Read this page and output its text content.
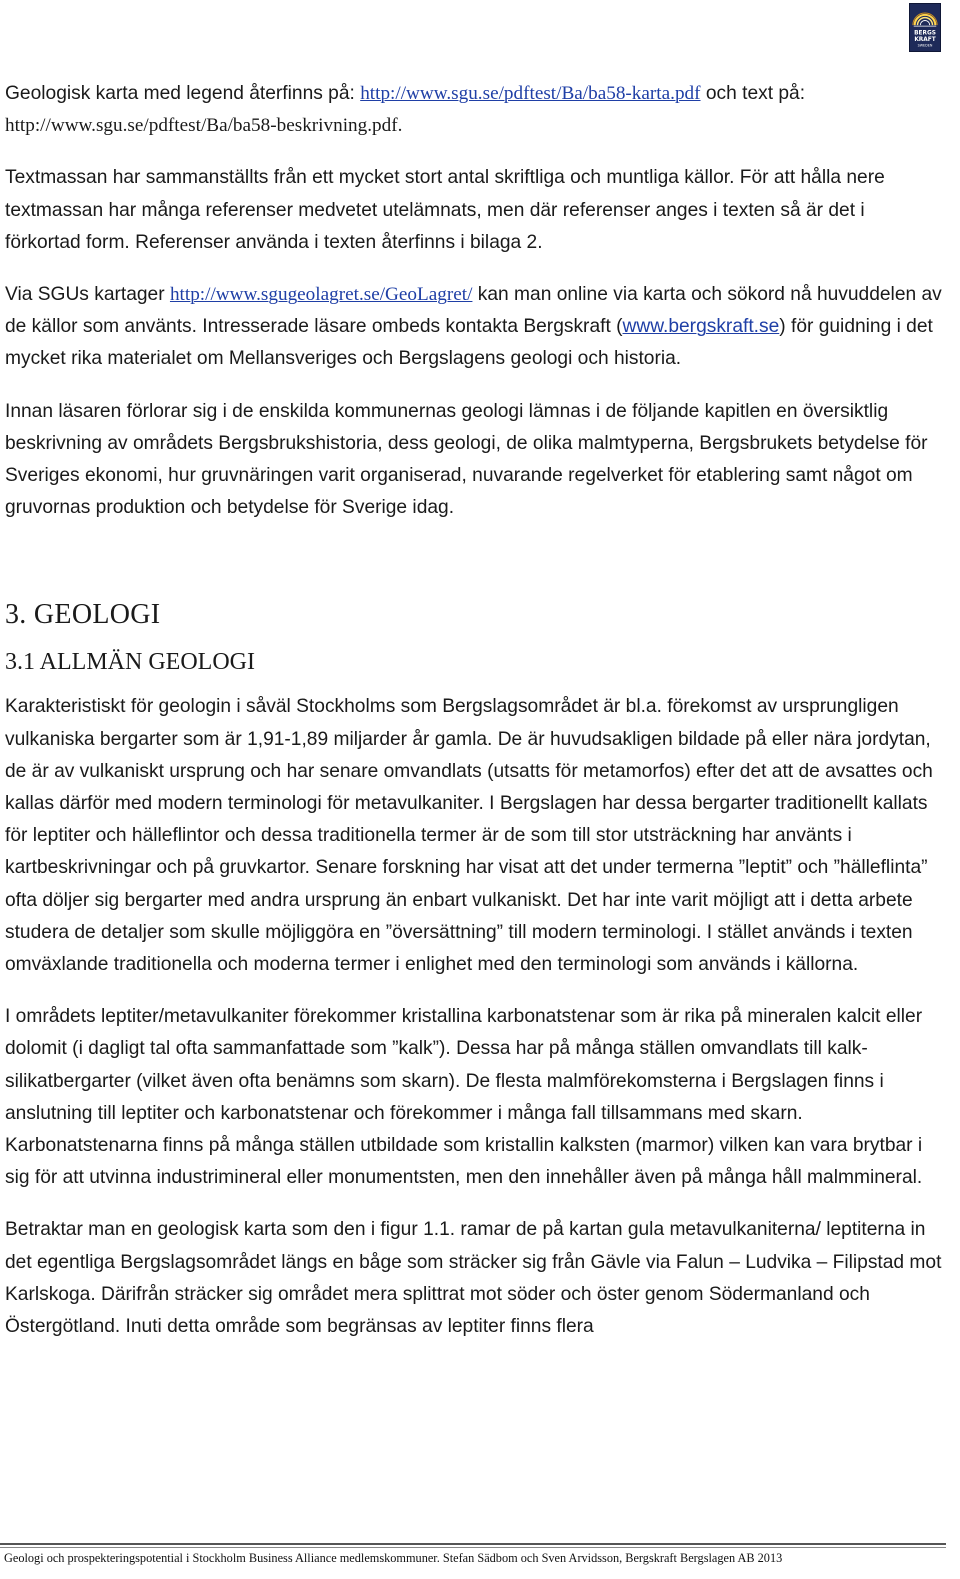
BERGS
KRAFT
SWEDEN

Geologisk karta med legend återfinns på: http://www.sgu.se/pdftest/Ba/ba58-karta.pdf och text på: http://www.sgu.se/pdftest/Ba/ba58-beskrivning.pdf.

Textmassan har sammanställts från ett mycket stort antal skriftliga och muntliga källor. För att hålla nere textmassan har många referenser medvetet utelämnats, men där referenser anges i texten så är det i förkortad form. Referenser använda i texten återfinns i bilaga 2.

Via SGUs kartager http://www.sgugeolagret.se/GeoLagret/ kan man online via karta och sökord nå huvuddelen av de källor som använts. Intresserade läsare ombeds kontakta Bergskraft (www.bergskraft.se) för guidning i det mycket rika materialet om Mellansveriges och Bergslagens geologi och historia.

Innan läsaren förlorar sig i de enskilda kommunernas geologi lämnas i de följande kapitlen en översiktlig beskrivning av områdets Bergsbrukshistoria, dess geologi, de olika malmtyperna, Bergsbrukets betydelse för Sveriges ekonomi, hur gruvnäringen varit organiserad, nuvarande regelverket för etablering samt något om gruvornas produktion och betydelse för Sverige idag.

3. GEOLOGI
3.1 ALLMÄN GEOLOGI

Karakteristiskt för geologin i såväl Stockholms som Bergslagsområdet är bl.a. förekomst av ursprungligen vulkaniska bergarter som är 1,91-1,89 miljarder år gamla. De är huvudsakligen bildade på eller nära jordytan, de är av vulkaniskt ursprung och har senare omvandlats (utsatts för metamorfos) efter det att de avsattes och kallas därför med modern terminologi för metavulkaniter. I Bergslagen har dessa bergarter traditionellt kallats för leptiter och hälleflintor och dessa traditionella termer är de som till stor utsträckning har använts i kartbeskrivningar och på gruvkartor. Senare forskning har visat att det under termerna ”leptit” och ”hälleflinta” ofta döljer sig bergarter med andra ursprung än enbart vulkaniskt. Det har inte varit möjligt att i detta arbete studera de detaljer som skulle möjliggöra en ”översättning” till modern terminologi. I stället används i texten omväxlande traditionella och moderna termer i enlighet med den terminologi som används i källorna.

I områdets leptiter/metavulkaniter förekommer kristallina karbonatstenar som är rika på mineralen kalcit eller dolomit (i dagligt tal ofta sammanfattade som ”kalk”). Dessa har på många ställen omvandlats till kalk-silikatbergarter (vilket även ofta benämns som skarn). De flesta malmförekomsterna i Bergslagen finns i anslutning till leptiter och karbonatstenar och förekommer i många fall tillsammans med skarn. Karbonatstenarna finns på många ställen utbildade som kristallin kalksten (marmor) vilken kan vara brytbar i sig för att utvinna industrimineral eller monumentsten, men den innehåller även på många håll malmmineral.

Betraktar man en geologisk karta som den i figur 1.1. ramar de på kartan gula metavulkaniterna/ leptiterna in det egentliga Bergslagsområdet längs en båge som sträcker sig från Gävle via Falun – Ludvika – Filipstad mot Karlskoga. Därifrån sträcker sig området mera splittrat mot söder och öster genom Södermanland och Östergötland. Inuti detta område som begränsas av leptiter finns flera

Geologi och prospekteringspotential i Stockholm Business Alliance medlemskommuner. Stefan Sädbom och Sven Arvidsson, Bergskraft Bergslagen AB 2013
